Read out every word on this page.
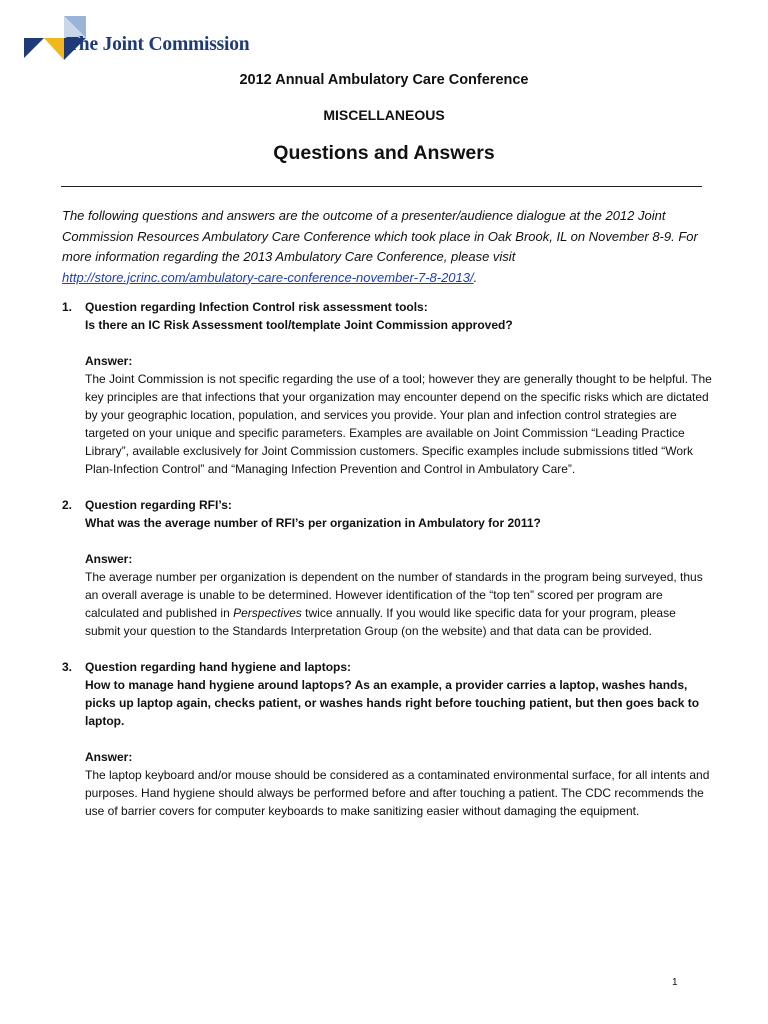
The Joint Commission
2012 Annual Ambulatory Care Conference
MISCELLANEOUS
Questions and Answers

The following questions and answers are the outcome of a presenter/audience dialogue at the 2012 Joint Commission Resources Ambulatory Care Conference which took place in Oak Brook, IL on November 8-9. For more information regarding the 2013 Ambulatory Care Conference, please visit http://store.jcrinc.com/ambulatory-care-conference-november-7-8-2013/.

1.	Question regarding Infection Control risk assessment tools:
Is there an IC Risk Assessment tool/template Joint Commission approved?
Answer:
The Joint Commission is not specific regarding the use of a tool; however they are generally thought to be helpful. The key principles are that infections that your organization may encounter depend on the specific risks which are dictated by your geographic location, population, and services you provide. Your plan and infection control strategies are targeted on your unique and specific parameters. Examples are available on Joint Commission “Leading Practice Library”, available exclusively for Joint Commission customers. Specific examples include submissions titled “Work Plan-Infection Control” and “Managing Infection Prevention and Control in Ambulatory Care”.
2.	Question regarding RFI’s:
What was the average number of RFI’s per organization in Ambulatory for 2011?
Answer:
The average number per organization is dependent on the number of standards in the program being surveyed, thus an overall average is unable to be determined. However identification of the “top ten” scored per program are calculated and published in Perspectives twice annually. If you would like specific data for your program, please submit your question to the Standards Interpretation Group (on the website) and that data can be provided.
3.	Question regarding hand hygiene and laptops:
How to manage hand hygiene around laptops? As an example, a provider carries a laptop, washes hands, picks up laptop again, checks patient, or washes hands right before touching patient, but then goes back to laptop.
Answer:
The laptop keyboard and/or mouse should be considered as a contaminated environmental surface, for all intents and purposes. Hand hygiene should always be performed before and after touching a patient. The CDC recommends the use of barrier covers for computer keyboards to make sanitizing easier without damaging the equipment.
1
